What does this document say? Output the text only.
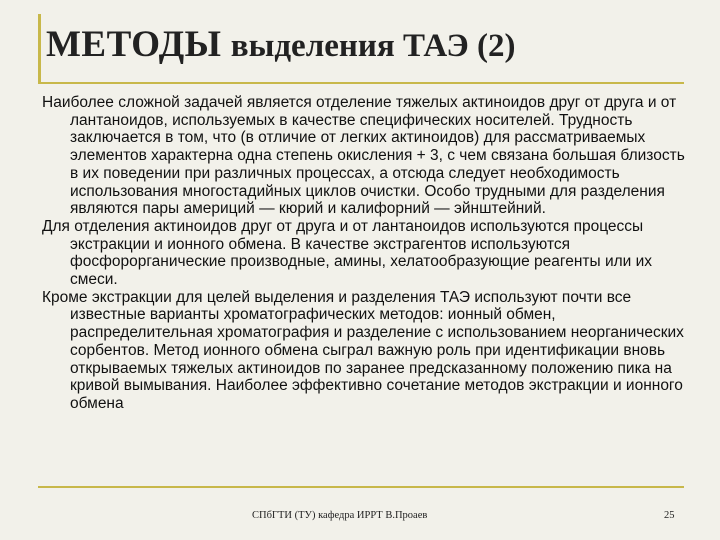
МЕТОДЫ выделения ТАЭ (2)

Наиболее сложной задачей является отделение тяжелых актиноидов друг от друга и от лантаноидов, используемых в качестве специфических носителей. Трудность заключается в том, что (в отличие от легких актиноидов) для рассматриваемых элементов характерна одна степень окисления + 3, с чем связана большая близость в их поведении при различных процессах, а отсюда следует необходимость использования многостадийных циклов очистки. Особо трудными для разделения являются пары америций — кюрий и калифорний — эйнштейний.

Для отделения актиноидов друг от друга и от лантаноидов используются процессы экстракции и ионного обмена. В качестве экстрагентов используются фосфорорганические производные, амины, хелатообразующие реагенты или их смеси.

Кроме экстракции для целей выделения и разделения ТАЭ используют почти все известные варианты хроматографических методов: ионный обмен, распределительная хроматография и разделение с использованием неорганических сорбентов. Метод ионного обмена сыграл важную роль при идентификации вновь открываемых тяжелых актиноидов по заранее предсказанному положению пика на кривой вымывания. Наиболее эффективно сочетание методов экстракции и ионного обмена

СПбГТИ (ТУ) кафедра ИРРТ В.Проаев	25
